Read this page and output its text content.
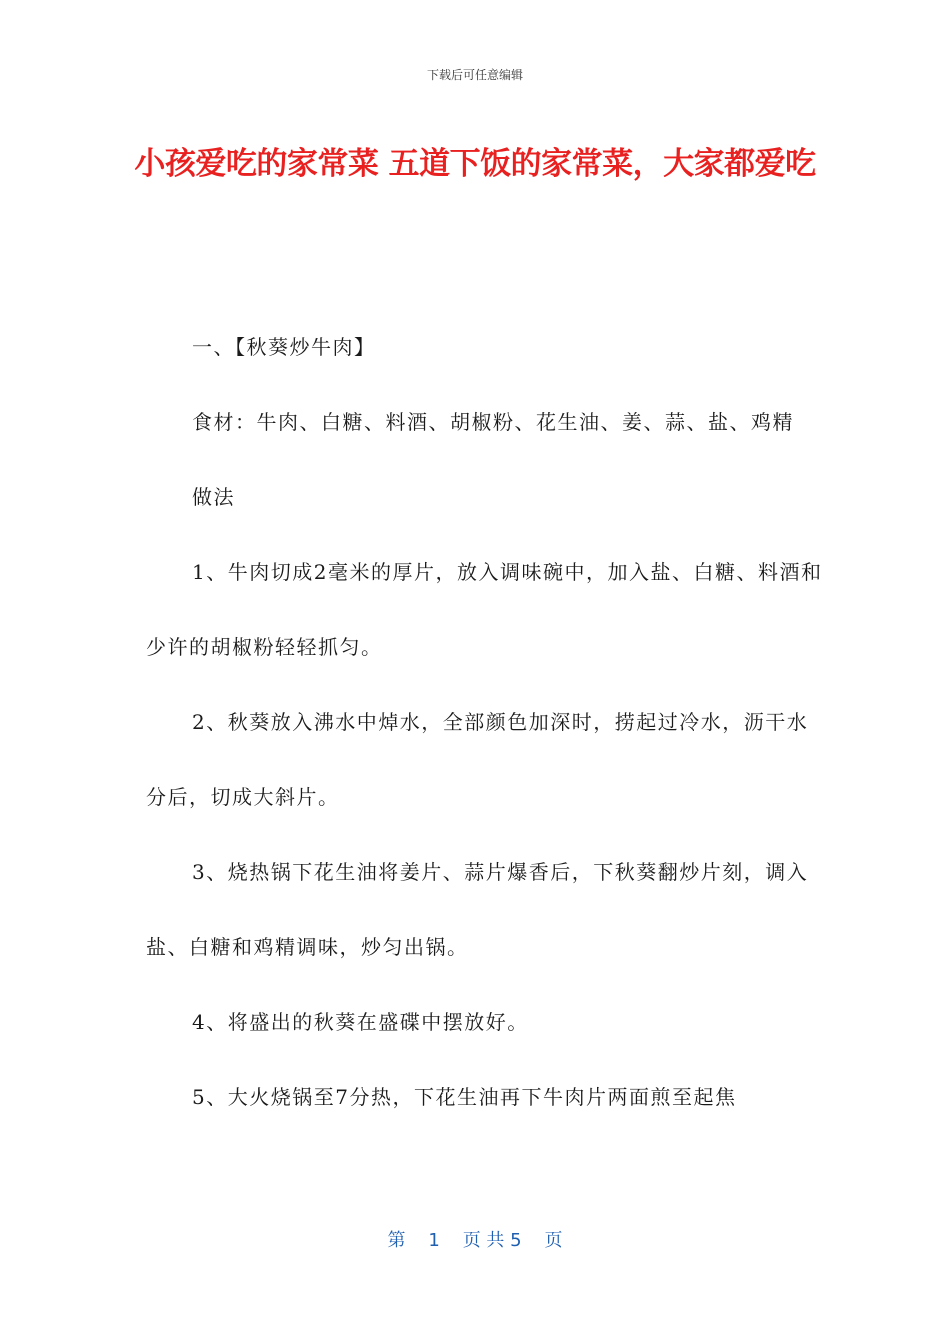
下载后可任意编辑
小孩爱吃的家常菜 五道下饭的家常菜，大家都爱吃

一、【秋葵炒牛肉】

食材：牛肉、白糖、料酒、胡椒粉、花生油、姜、蒜、盐、鸡精

做法

1、牛肉切成2毫米的厚片，放入调味碗中，加入盐、白糖、料酒和少许的胡椒粉轻轻抓匀。

2、秋葵放入沸水中焯水，全部颜色加深时，捞起过冷水，沥干水分后，切成大斜片。

3、烧热锅下花生油将姜片、蒜片爆香后，下秋葵翻炒片刻，调入盐、白糖和鸡精调味，炒匀出锅。

4、将盛出的秋葵在盛碟中摆放好。

5、大火烧锅至7分热，下花生油再下牛肉片两面煎至起焦

第 1 页 共 5 页
